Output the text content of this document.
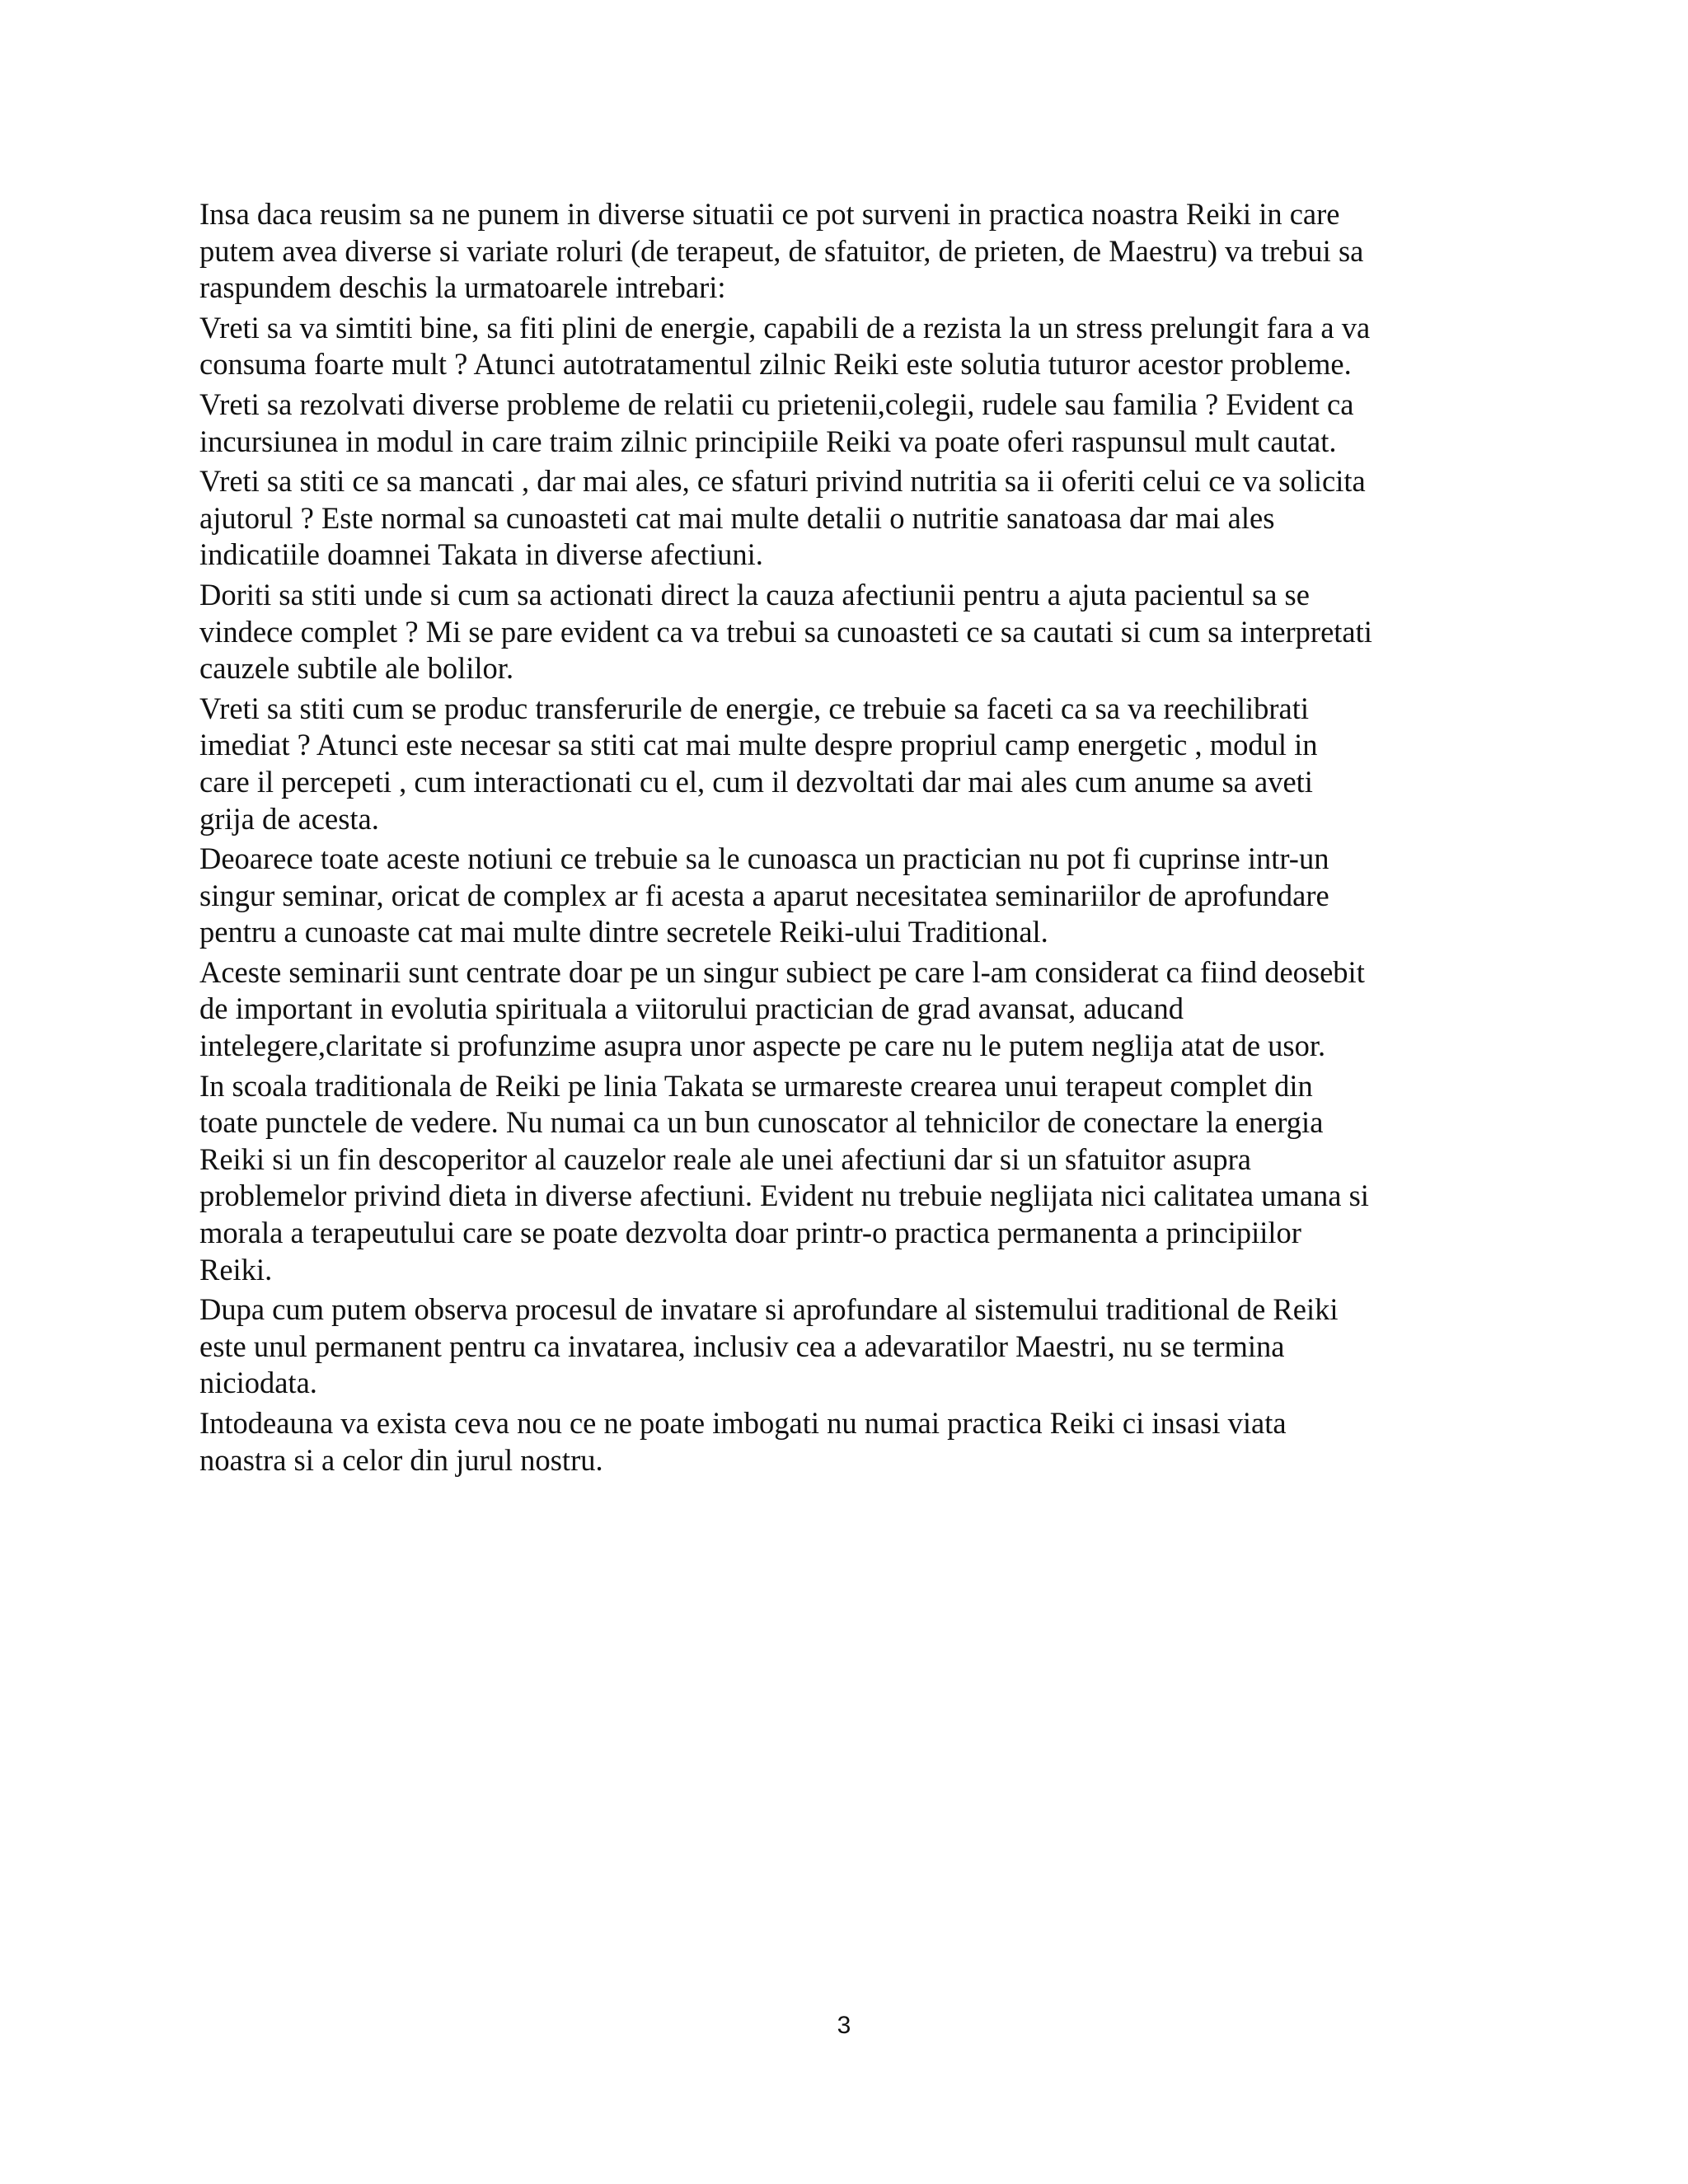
Insa daca reusim sa ne punem in diverse situatii ce pot surveni in practica noastra Reiki in care
putem avea diverse si variate roluri (de terapeut, de sfatuitor, de prieten, de Maestru) va trebui sa
raspundem deschis la urmatoarele intrebari:

Vreti sa va simtiti bine, sa fiti plini de energie, capabili de a rezista la un stress prelungit fara a va
consuma foarte mult ? Atunci autotratamentul zilnic Reiki este solutia tuturor acestor probleme.

Vreti sa rezolvati diverse probleme de relatii cu prietenii,colegii, rudele sau familia ? Evident ca
incursiunea in modul in care traim zilnic principiile Reiki va poate oferi raspunsul mult cautat.

Vreti sa stiti ce sa mancati , dar mai ales, ce sfaturi privind nutritia sa ii oferiti celui ce va solicita
ajutorul ? Este normal sa cunoasteti cat mai multe detalii o nutritie sanatoasa dar mai ales
indicatiile doamnei Takata in diverse afectiuni.

Doriti sa stiti unde si cum sa actionati direct la cauza afectiunii pentru a ajuta pacientul sa se
vindece complet ? Mi se pare evident ca va trebui sa cunoasteti ce sa cautati si cum sa interpretati
cauzele subtile ale bolilor.

Vreti sa stiti cum se produc transferurile de energie, ce trebuie sa faceti ca sa va reechilibrati
imediat ? Atunci este necesar sa stiti cat mai multe despre propriul camp energetic , modul in
care il percepeti , cum interactionati cu el, cum il dezvoltati dar mai ales cum anume sa aveti
grija de acesta.

Deoarece toate aceste notiuni ce trebuie sa le cunoasca un practician nu pot fi cuprinse intr-un
singur seminar, oricat de complex ar fi acesta a aparut necesitatea seminariilor de aprofundare
pentru a cunoaste cat mai multe dintre secretele Reiki-ului Traditional.

Aceste seminarii sunt centrate doar pe un singur subiect pe care l-am considerat ca fiind deosebit
de important in evolutia spirituala a viitorului practician de grad avansat, aducand
intelegere,claritate si profunzime asupra unor aspecte pe care nu le putem neglija atat de usor.

In scoala traditionala de Reiki pe linia Takata se urmareste crearea unui terapeut complet din
toate punctele de vedere. Nu numai ca un bun cunoscator al tehnicilor de conectare la energia
Reiki si un fin descoperitor al cauzelor reale ale unei afectiuni dar si un sfatuitor asupra
problemelor privind dieta in diverse afectiuni. Evident nu trebuie neglijata nici calitatea umana si
morala a terapeutului care se poate dezvolta doar printr-o practica permanenta a principiilor
Reiki.

Dupa cum putem observa procesul de invatare si aprofundare al sistemului traditional de Reiki
este unul permanent pentru ca invatarea, inclusiv cea a adevaratilor Maestri, nu se termina
niciodata.

Intodeauna va exista ceva nou ce ne poate imbogati nu numai practica Reiki ci insasi viata
noastra si a celor din jurul nostru.

3
